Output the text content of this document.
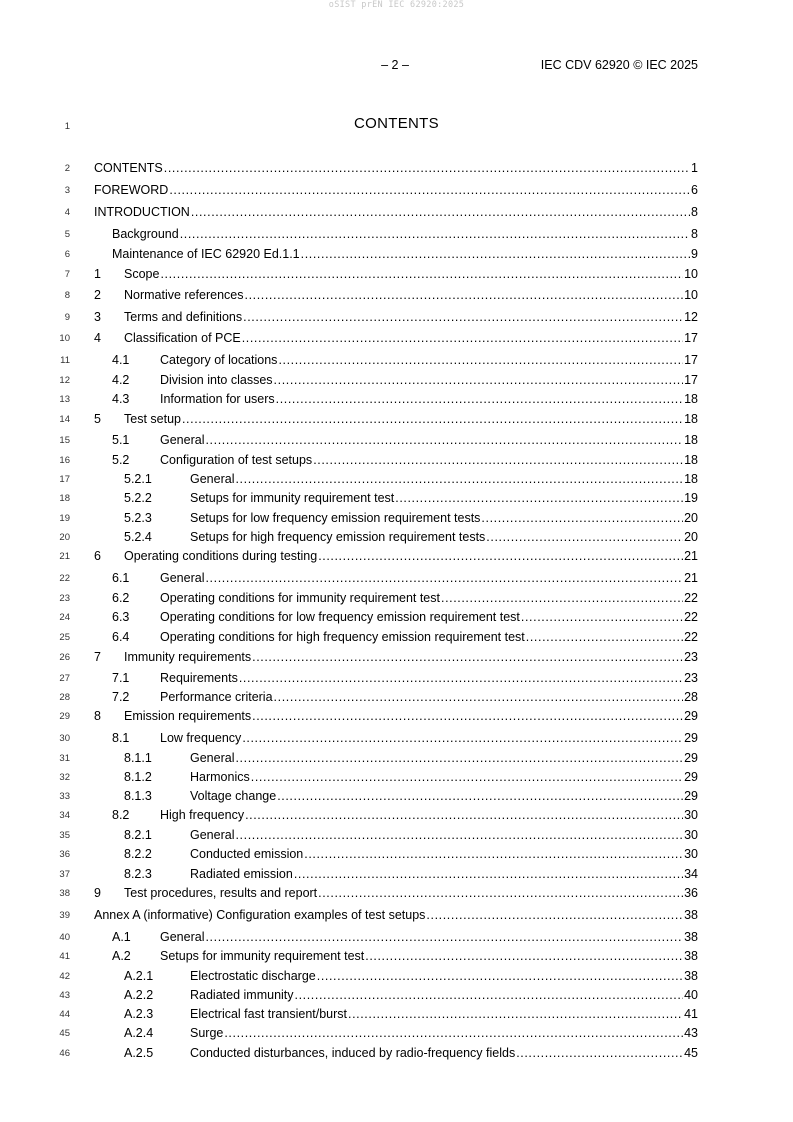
oSIST prEN IEC 62920:2025
– 2 –	IEC CDV 62920 © IEC 2025
1	CONTENTS
2 CONTENTS .....	1
3 FOREWORD .....	6
4 INTRODUCTION .....	8
5	Background .....	8
6	Maintenance of IEC 62920 Ed.1.1 .....	9
7 1	Scope .....	10
8 2	Normative references .....	10
9 3	Terms and definitions .....	12
10 4	Classification of PCE .....	17
11	4.1	Category of locations .....	17
12	4.2	Division into classes .....	17
13	4.3	Information for users .....	18
14 5	Test setup .....	18
15	5.1	General .....	18
16	5.2	Configuration of test setups .....	18
17	5.2.1	General .....	18
18	5.2.2	Setups for immunity requirement test .....	19
19	5.2.3	Setups for low frequency emission requirement tests .....	20
20	5.2.4	Setups for high frequency emission requirement tests .....	20
21 6	Operating conditions during testing .....	21
22	6.1	General .....	21
23	6.2	Operating conditions for immunity requirement test .....	22
24	6.3	Operating conditions for low frequency emission requirement test .....	22
25	6.4	Operating conditions for high frequency emission requirement test .....	22
26 7	Immunity requirements .....	23
27	7.1	Requirements .....	23
28	7.2	Performance criteria .....	28
29 8	Emission requirements .....	29
30	8.1	Low frequency .....	29
31	8.1.1	General .....	29
32	8.1.2	Harmonics .....	29
33	8.1.3	Voltage change .....	29
34	8.2	High frequency .....	30
35	8.2.1	General .....	30
36	8.2.2	Conducted emission .....	30
37	8.2.3	Radiated emission .....	34
38 9	Test procedures, results and report .....	36
39 Annex A (informative) Configuration examples of test setups .....	38
40	A.1	General .....	38
41	A.2	Setups for immunity requirement test .....	38
42	A.2.1	Electrostatic discharge .....	38
43	A.2.2	Radiated immunity .....	40
44	A.2.3	Electrical fast transient/burst .....	41
45	A.2.4	Surge .....	43
46	A.2.5	Conducted disturbances, induced by radio-frequency fields .....	45
